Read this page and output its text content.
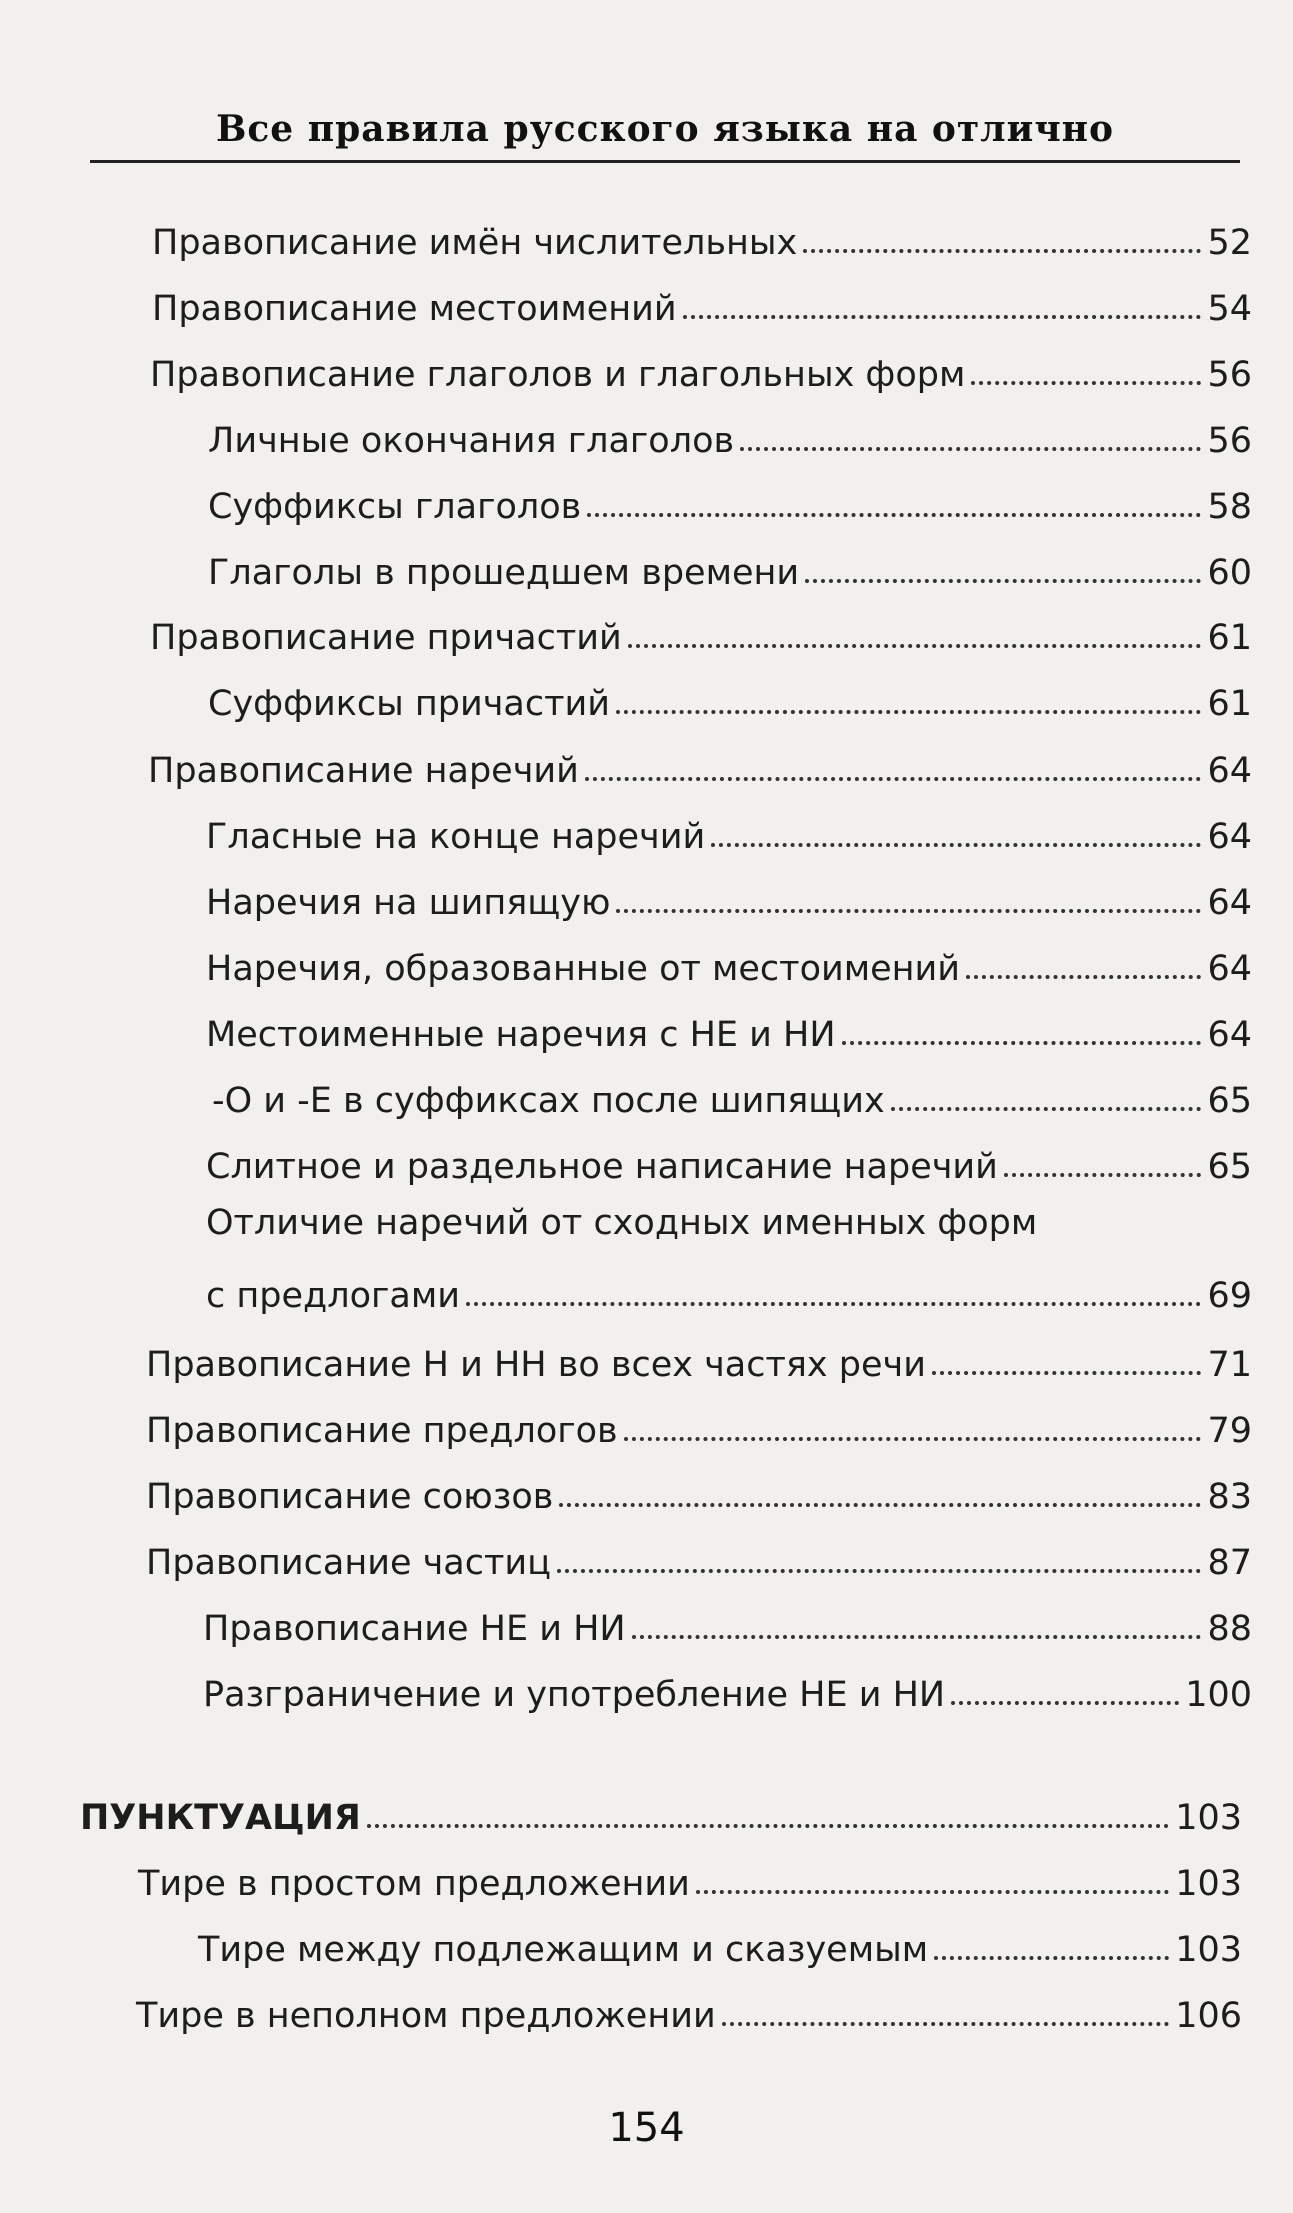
Все правила русского языка на отлично
Правописание имён числительных	52
Правописание местоимений	54
Правописание глаголов и глагольных форм	56
Личные окончания глаголов	56
Суффиксы глаголов	58
Глаголы в прошедшем времени	60
Правописание причастий	61
Суффиксы причастий	61
Правописание наречий	64
Гласные на конце наречий	64
Наречия на шипящую	64
Наречия, образованные от местоимений	64
Местоименные наречия с НЕ и НИ	64
-О и -Е в суффиксах после шипящих	65
Слитное и раздельное написание наречий	65
Отличие наречий от сходных именных форм
с предлогами	69
Правописание Н и НН во всех частях речи	71
Правописание предлогов	79
Правописание союзов	83
Правописание частиц	87
Правописание НЕ и НИ	88
Разграничение и употребление НЕ и НИ	100
ПУНКТУАЦИЯ	103
Тире в простом предложении	103
Тире между подлежащим и сказуемым	103
Тире в неполном предложении	106
154
